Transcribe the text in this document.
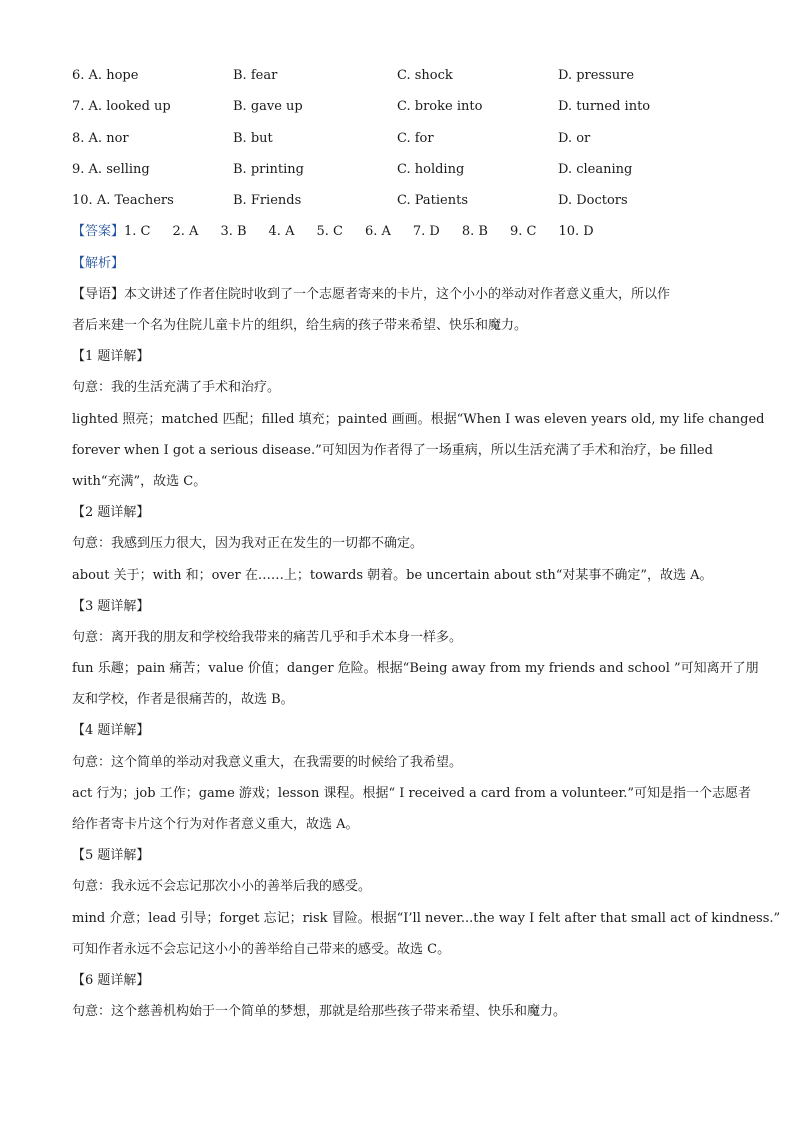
6. A. hope	B. fear	C. shock	D. pressure
7. A. looked up	B. gave up	C. broke into	D. turned into
8. A. nor	B. but	C. for	D. or
9. A. selling	B. printing	C. holding	D. cleaning
10. A. Teachers	B. Friends	C. Patients	D. Doctors
【答案】1. C 2. A 3. B 4. A 5. C 6. A 7. D 8. B 9. C 10. D
【解析】
【导语】本文讲述了作者住院时收到了一个志愿者寄来的卡片，这个小小的举动对作者意义重大，所以作
者后来建一个名为住院儿童卡片的组织，给生病的孩子带来希望、快乐和魔力。
【1 题详解】
句意：我的生活充满了手术和治疗。
lighted 照亮；matched 匹配；filled 填充；painted 画画。根据“When I was eleven years old, my life changed
forever when I got a serious disease.”可知因为作者得了一场重病，所以生活充满了手术和治疗，be filled
with“充满”，故选 C。
【2 题详解】
句意：我感到压力很大，因为我对正在发生的一切都不确定。
about 关于；with 和；over 在……上；towards 朝着。be uncertain about sth“对某事不确定”，故选 A。
【3 题详解】
句意：离开我的朋友和学校给我带来的痛苦几乎和手术本身一样多。
fun 乐趣；pain 痛苦；value 价值；danger 危险。根据“Being away from my friends and school ”可知离开了朋
友和学校，作者是很痛苦的，故选 B。
【4 题详解】
句意：这个简单的举动对我意义重大，在我需要的时候给了我希望。
act 行为；job 工作；game 游戏；lesson 课程。根据“ I received a card from a volunteer.”可知是指一个志愿者
给作者寄卡片这个行为对作者意义重大，故选 A。
【5 题详解】
句意：我永远不会忘记那次小小的善举后我的感受。
mind 介意；lead 引导；forget 忘记；risk 冒险。根据“I’ll never...the way I felt after that small act of kindness.”
可知作者永远不会忘记这小小的善举给自己带来的感受。故选 C。
【6 题详解】
句意：这个慈善机构始于一个简单的梦想，那就是给那些孩子带来希望、快乐和魔力。
